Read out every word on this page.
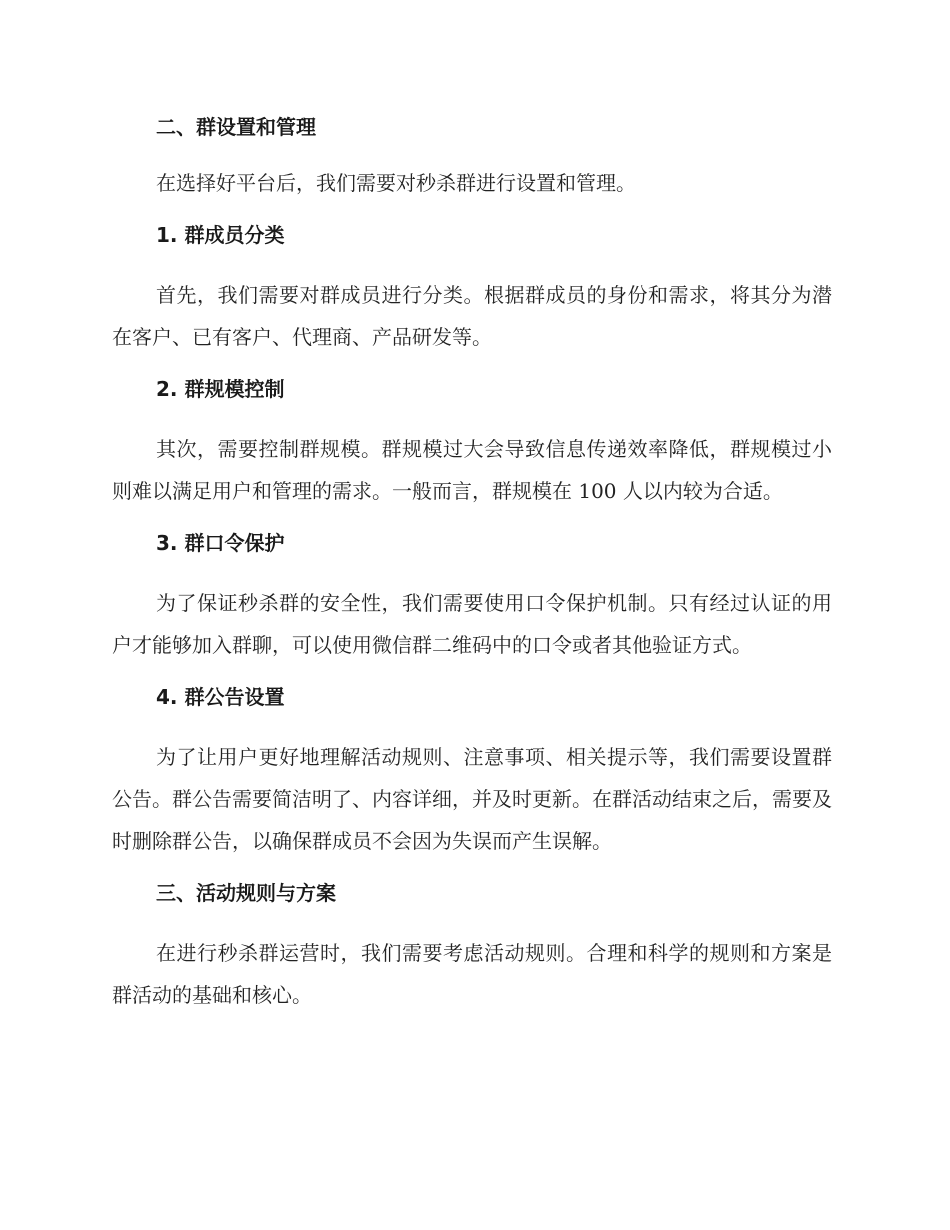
二、群设置和管理

在选择好平台后，我们需要对秒杀群进行设置和管理。

1. 群成员分类

首先，我们需要对群成员进行分类。根据群成员的身份和需求，将其分为潜在客户、已有客户、代理商、产品研发等。

2. 群规模控制

其次，需要控制群规模。群规模过大会导致信息传递效率降低，群规模过小则难以满足用户和管理的需求。一般而言，群规模在 100 人以内较为合适。

3. 群口令保护

为了保证秒杀群的安全性，我们需要使用口令保护机制。只有经过认证的用户才能够加入群聊，可以使用微信群二维码中的口令或者其他验证方式。

4. 群公告设置

为了让用户更好地理解活动规则、注意事项、相关提示等，我们需要设置群公告。群公告需要简洁明了、内容详细，并及时更新。在群活动结束之后，需要及时删除群公告，以确保群成员不会因为失误而产生误解。

三、活动规则与方案

在进行秒杀群运营时，我们需要考虑活动规则。合理和科学的规则和方案是群活动的基础和核心。
